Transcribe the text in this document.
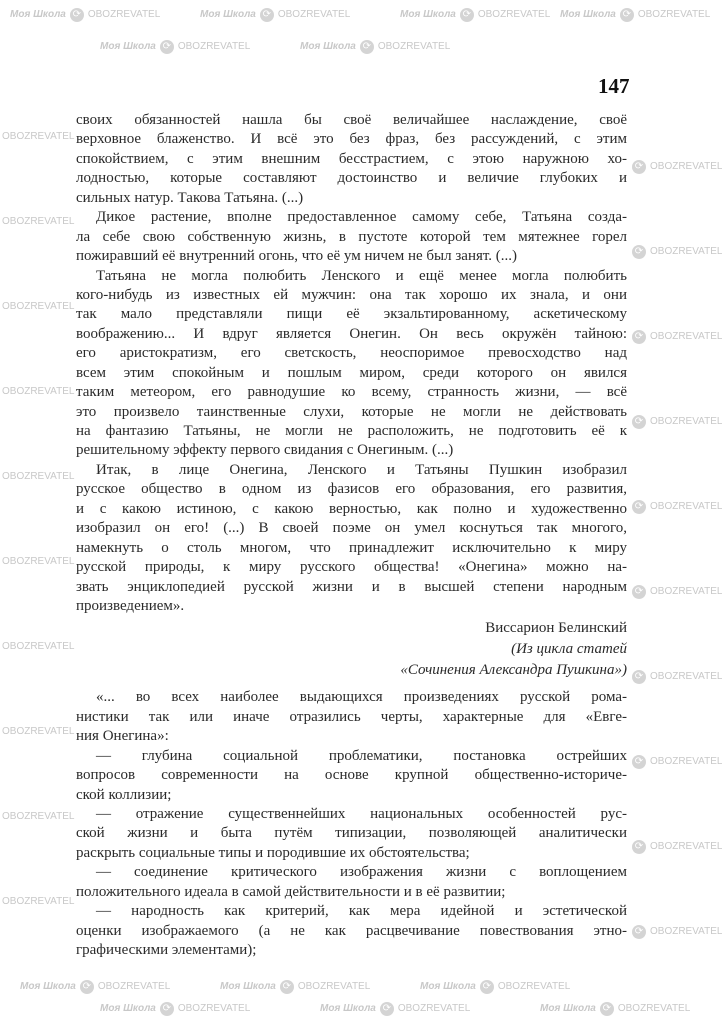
Моя Школа ⟳ OBOZREVATEL	Моя Школа ⟳ OBOZREVATEL	Моя Школа ⟳ OBOZREVATEL Моя Школа ⟳ OBOZREVATEL
Моя Школа ⟳ OBOZREVATEL	Моя Школа ⟳ OBOZREVATEL
Моя Школа ⟳ OBOZREVATEL	Моя Школа ⟳ OBOZREVATEL	Моя Школа ⟳ OBOZREVATEL
Моя Школа ⟳ OBOZREVATEL	Моя Школа ⟳ OBOZREVATEL	Моя Школа ⟳ OBOZREVATEL
OBOZREVATEL
⟳ OBOZREVATEL
OBOZREVATEL
⟳ OBOZREVATEL
OBOZREVATEL
⟳ OBOZREVATEL
OBOZREVATEL
⟳ OBOZREVATEL
OBOZREVATEL
⟳ OBOZREVATEL
OBOZREVATEL
⟳ OBOZREVATEL
OBOZREVATEL
⟳ OBOZREVATEL
OBOZREVATEL
⟳ OBOZREVATEL
OBOZREVATEL
⟳ OBOZREVATEL
OBOZREVATEL
⟳ OBOZREVATEL
147
своих обязанностей нашла бы своё величайшее наслаждение, своё
верховное блаженство. И всё это без фраз, без рассуждений, с этим
спокойствием, с этим внешним бесстрастием, с этою наружною хо-
лодностью, которые составляют достоинство и величие глубоких и
сильных натур. Такова Татьяна. (...)
Дикое растение, вполне предоставленное самому себе, Татьяна созда-
ла себе свою собственную жизнь, в пустоте которой тем мятежнее горел
пожиравший её внутренний огонь, что её ум ничем не был занят. (...)
Татьяна не могла полюбить Ленского и ещё менее могла полюбить
кого-нибудь из известных ей мужчин: она так хорошо их знала, и они
так мало представляли пищи её экзальтированному, аскетическому
воображению... И вдруг является Онегин. Он весь окружён тайною:
его аристократизм, его светскость, неоспоримое превосходство над
всем этим спокойным и пошлым миром, среди которого он явился
таким метеором, его равнодушие ко всему, странность жизни, — всё
это произвело таинственные слухи, которые не могли не действовать
на фантазию Татьяны, не могли не расположить, не подготовить её к
решительному эффекту первого свидания с Онегиным. (...)
Итак, в лице Онегина, Ленского и Татьяны Пушкин изобразил
русское общество в одном из фазисов его образования, его развития,
и с какою истиною, с какою верностью, как полно и художественно
изобразил он его! (...) В своей поэме он умел коснуться так многого,
намекнуть о столь многом, что принадлежит исключительно к миру
русской природы, к миру русского общества! «Онегина» можно на-
звать энциклопедией русской жизни и в высшей степени народным
произведением».
Виссарион Белинский
(Из цикла статей
«Сочинения Александра Пушкина»)
«... во всех наиболее выдающихся произведениях русской рома-
нистики так или иначе отразились черты, характерные для «Евге-
ния Онегина»:
— глубина социальной проблематики, постановка острейших
вопросов современности на основе крупной общественно-историче-
ской коллизии;
— отражение существеннейших национальных особенностей рус-
ской жизни и быта путём типизации, позволяющей аналитически
раскрыть социальные типы и породившие их обстоятельства;
— соединение критического изображения жизни с воплощением
положительного идеала в самой действительности и в её развитии;
— народность как критерий, как мера идейной и эстетической
оценки изображаемого (а не как расцвечивание повествования этно-
графическими элементами);
